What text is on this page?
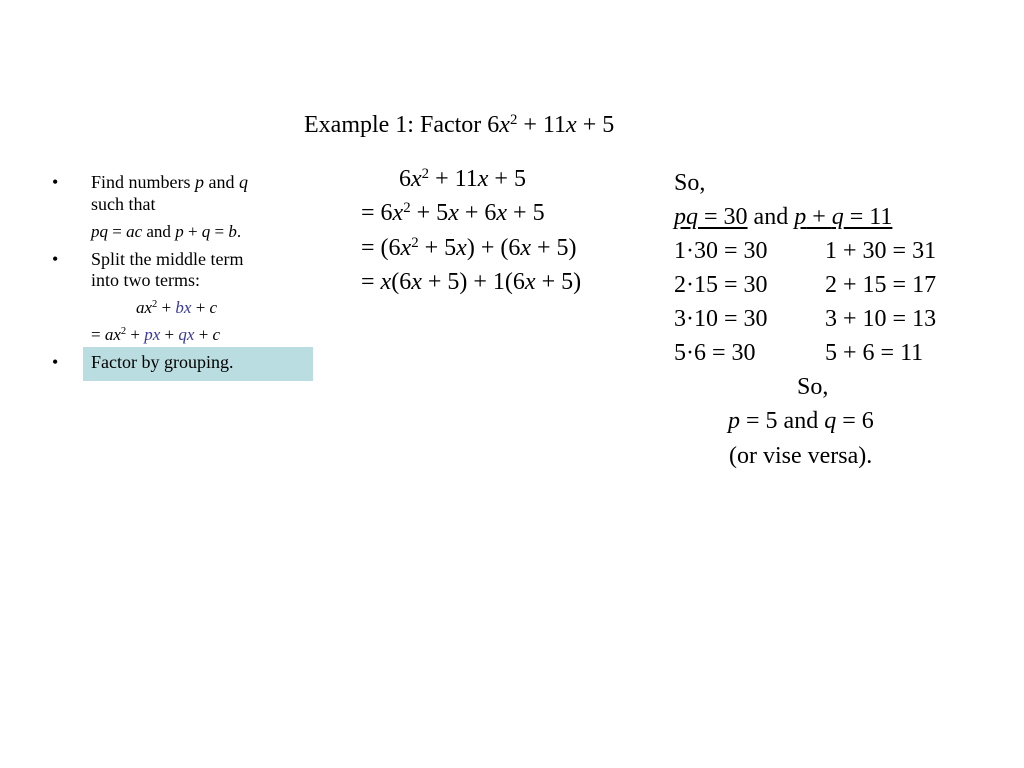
Example 1: Factor $6x^2 + 11x + 5$
• Find numbers p and q
such that
pq = ac and p + q = b.
• Split the middle term
into two terms:
$ax^2$ + bx + c
= $ax^2$ + px + qx + c
• Factor by grouping.
$6x^2 + 11x + 5$
= $6x^2 + 5x + 6x + 5$
= $(6x^2 + 5x) + (6x + 5)$
= x(6x + 5) + 1(6x + 5)
So,
pq = 30 and p + q = 11
1·30 = 30 1 + 30 = 31
2·15 = 30 2 + 15 = 17
3·10 = 30 3 + 10 = 13
5·6 = 30	5 + 6 = 11
So,
p = 5 and q = 6
(or vise versa).
